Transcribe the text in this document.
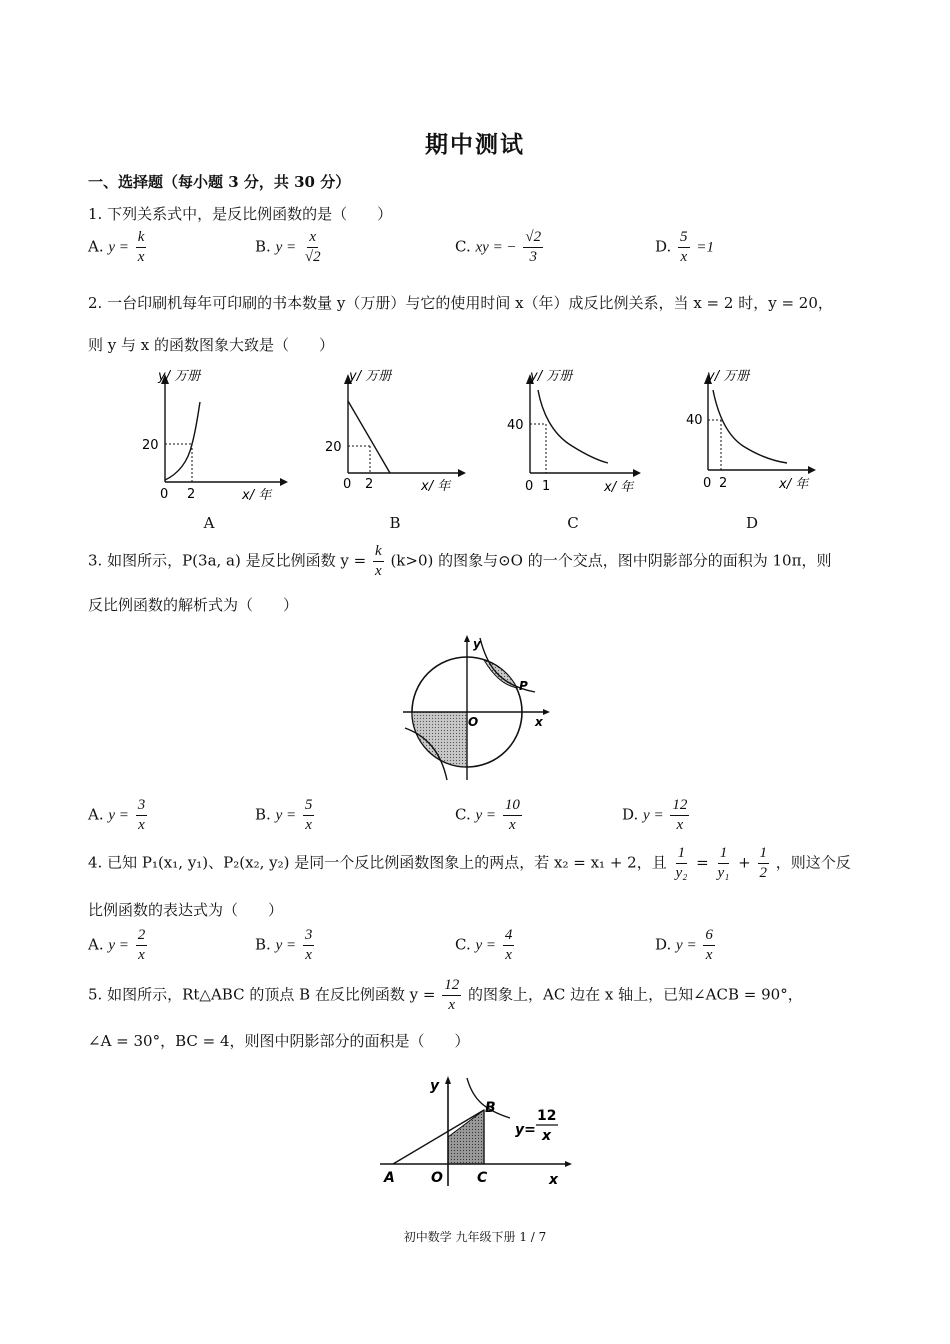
期中测试
一、选择题（每小题 3 分，共 30 分）
1. 下列关系式中，是反比例函数的是（　　）
A. $y = \frac{k}{x}$	B. $y = \frac{x}{√2}$	C. xy = − $\frac{√2}{3}$	D. $\frac{5}{x} =1$
2. 一台印刷机每年可印刷的书本数量 y（万册）与它的使用时间 x（年）成反比例关系，当 x = 2 时，y = 20，
则 y 与 x 的函数图象大致是（　　）
y/ 万册
20
0 2	x/ 年
A
y/ 万册
20
0 2	x/ 年
B
y/ 万册
40
0 1	x/ 年
C
y/ 万册
40
0 2	x/ 年
D
3. 如图所示，P(3a, a) 是反比例函数 $y = \frac{k}{x} (k>0)$ 的图象与⊙O 的一个交点，图中阴影部分的面积为 10π，则
反比例函数的解析式为（　　）
y
x
O
P
A. $y = \frac{3}{x}$	B. $y = \frac{5}{x}$	C. $y = \frac{10}{x}$	D. $y = \frac{12}{x}$
4. 已知 P₁(x₁, y₁)、P₂(x₂, y₂) 是同一个反比例函数图象上的两点，若 x₂ = x₁ + 2，且 $\frac{1}{\text{y₂}} = \frac{1}{\text{y₁}} + \frac{1}{2}$ ，则这个反
比例函数的表达式为（　　）
A. $y = \frac{2}{x}$	B. $y = \frac{3}{x}$	C. $y = \frac{4}{x}$	D. $y = \frac{6}{x}$
5. 如图所示，Rt△ABC 的顶点 B 在反比例函数 $y = \frac{12}{x}$ 的图象上，AC 边在 x 轴上，已知∠ACB = 90°，
∠A = 30°，BC = 4，则图中阴影部分的面积是（　　）
y
x
A	O C
B
y=
12
x
初中数学 九年级下册 1 / 7
